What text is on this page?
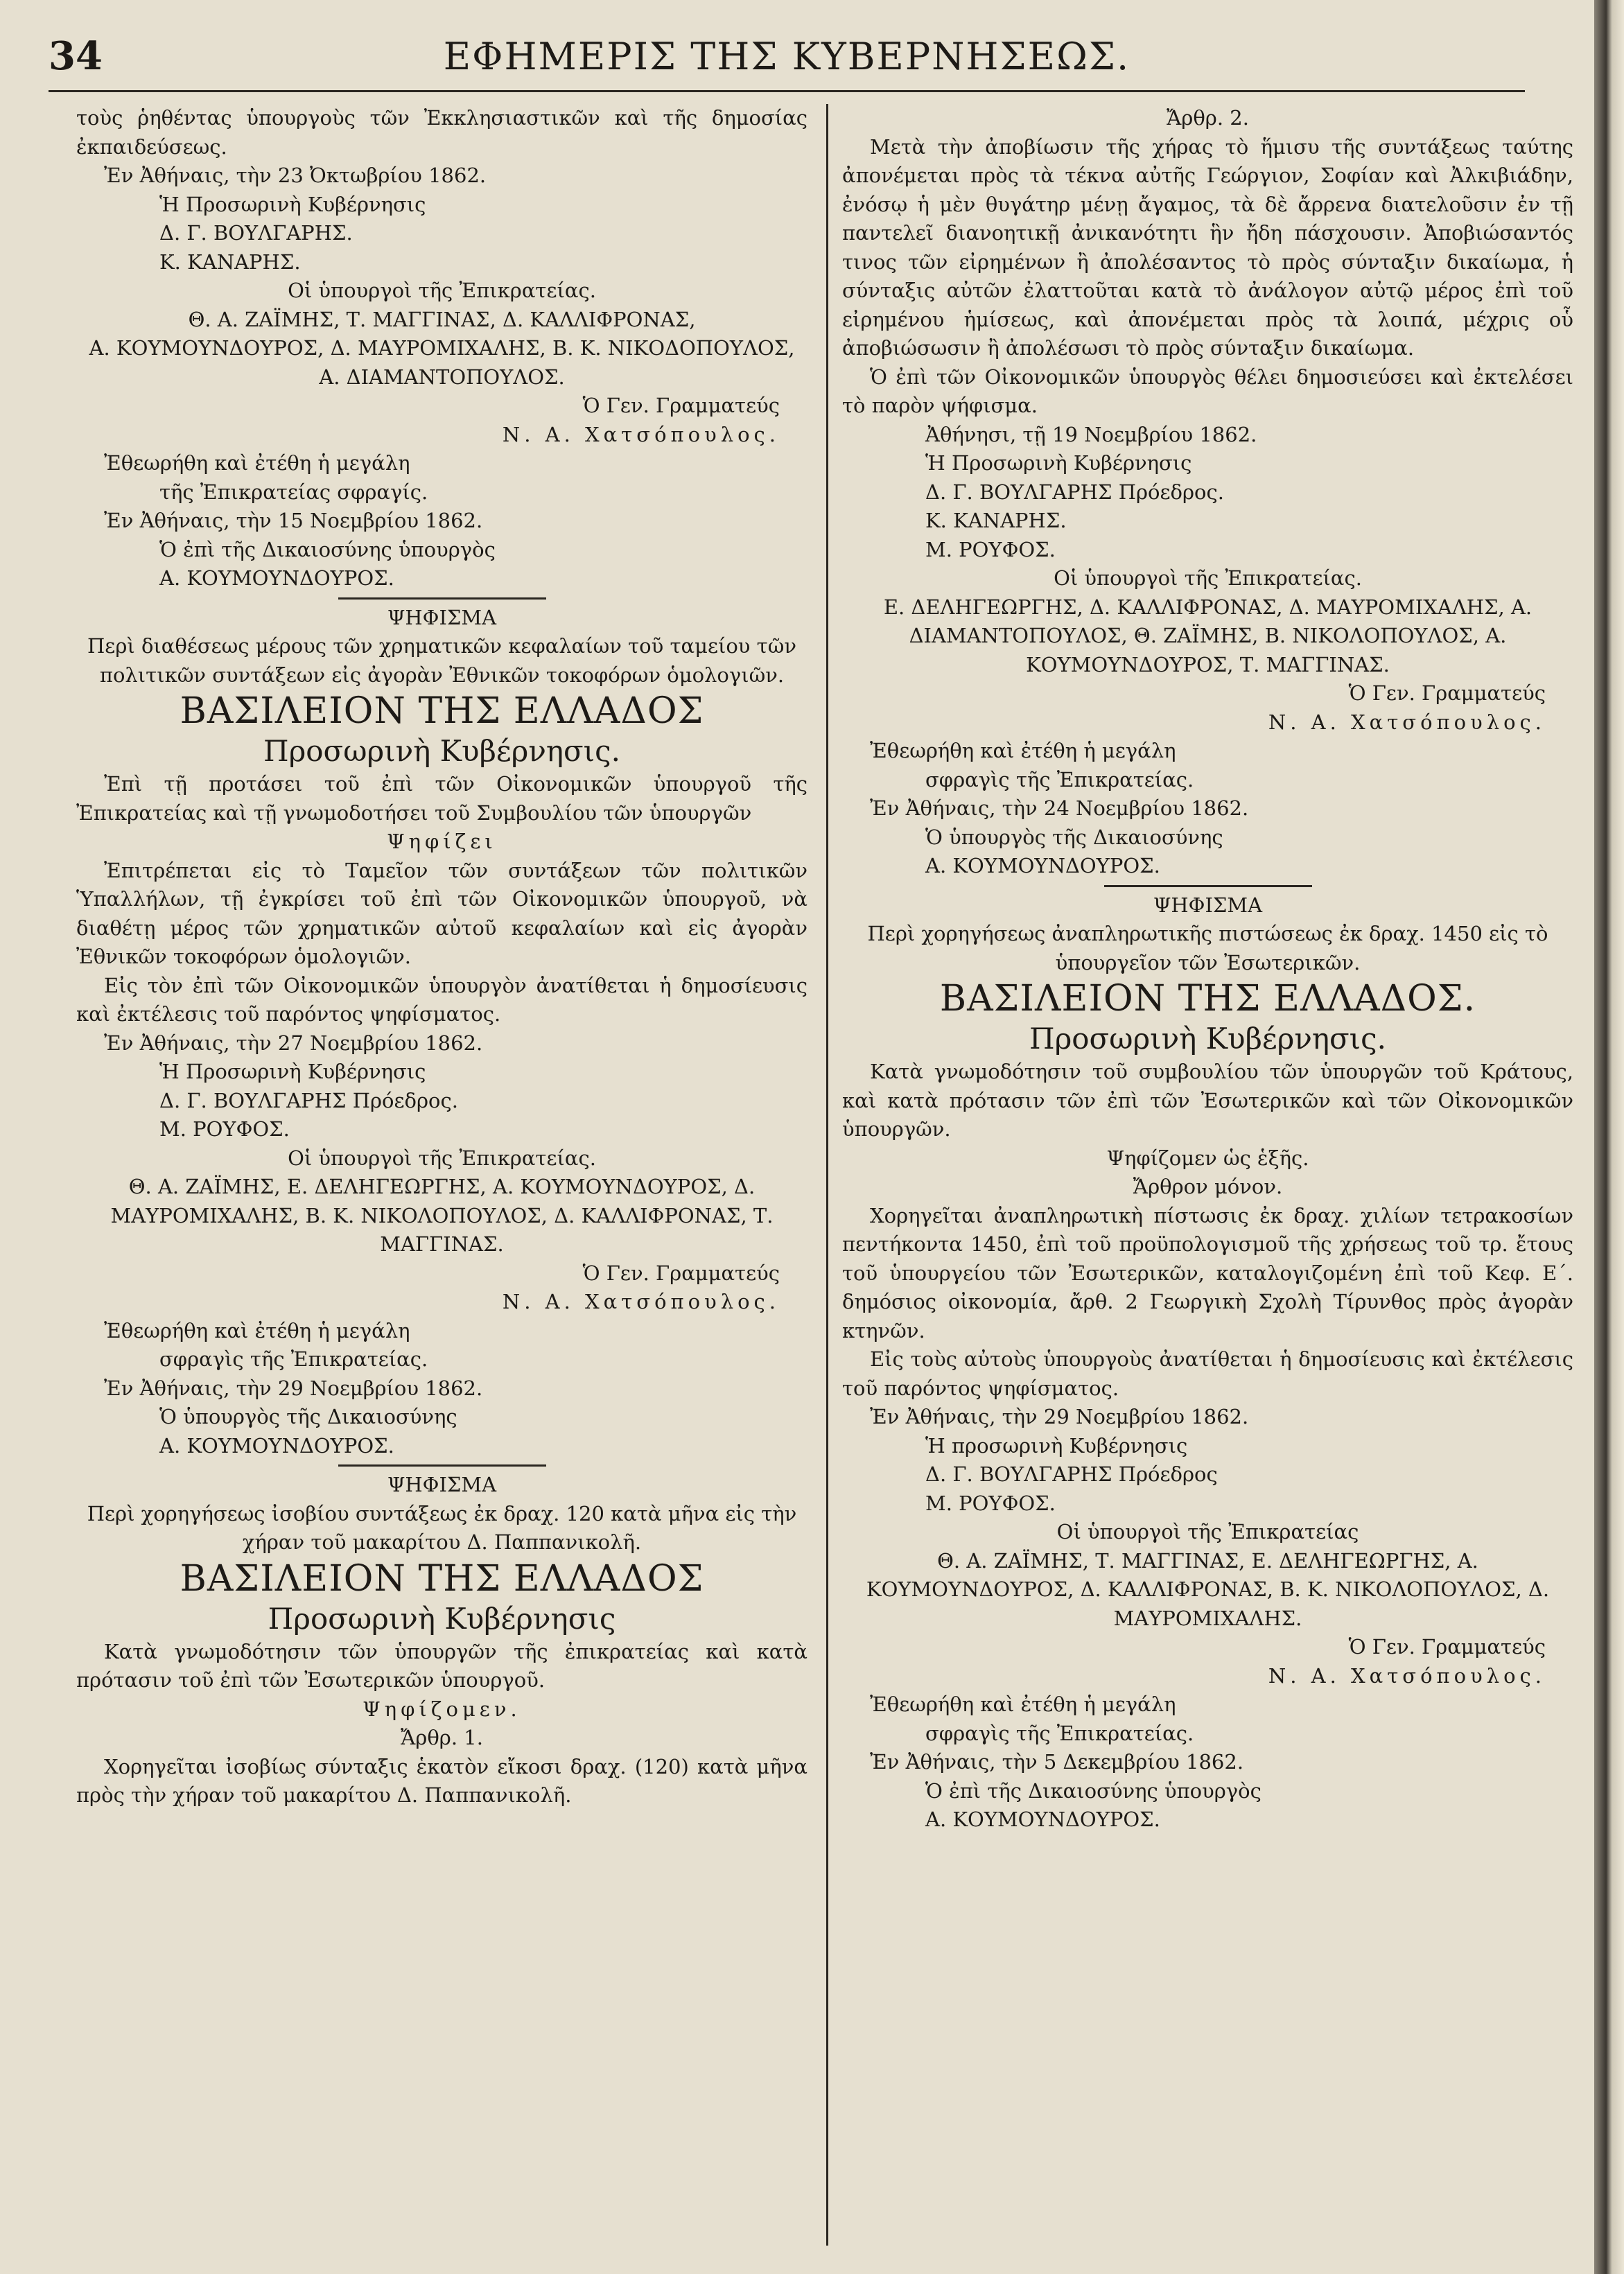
34	ΕΦΗΜΕΡΙΣ ΤΗΣ ΚΥΒΕΡΝΗΣΕΩΣ.

τοὺς ῥηθέντας ὑπουργοὺς τῶν Ἐκκλησιαστικῶν καὶ τῆς δημοσίας ἐκπαιδεύσεως.

Ἐν Ἀθήναις, τὴν 23 Ὀκτωβρίου 1862.

Ἡ Προσωρινὴ Κυβέρνησις

Δ. Γ. ΒΟΥΛΓΑΡΗΣ.

Κ. ΚΑΝΑΡΗΣ.

Οἱ ὑπουργοὶ τῆς Ἐπικρατείας.

Θ. Α. ΖΑΪΜΗΣ, Τ. ΜΑΓΓΙΝΑΣ, Δ. ΚΑΛΛΙΦΡΟΝΑΣ,

Α. ΚΟΥΜΟΥΝΔΟΥΡΟΣ, Δ. ΜΑΥΡΟΜΙΧΑΛΗΣ, Β. Κ. ΝΙΚΟΔΟΠΟΥΛΟΣ, Α. ΔΙΑΜΑΝΤΟΠΟΥΛΟΣ.

Ὁ Γεν. Γραμματεύς

Ν. Α. Χατσόπουλος.

Ἐθεωρήθη καὶ ἐτέθη ἡ μεγάλη

τῆς Ἐπικρατείας σφραγίς.

Ἐν Ἀθήναις, τὴν 15 Νοεμβρίου 1862.

Ὁ ἐπὶ τῆς Δικαιοσύνης ὑπουργὸς

Α. ΚΟΥΜΟΥΝΔΟΥΡΟΣ.

ΨΗΦΙΣΜΑ

Περὶ διαθέσεως μέρους τῶν χρηματικῶν κεφαλαίων τοῦ ταμείου τῶν πολιτικῶν συντάξεων εἰς ἀγορὰν Ἐθνικῶν τοκοφόρων ὁμολογιῶν.

ΒΑΣΙΛΕΙΟΝ ΤΗΣ ΕΛΛΑΔΟΣ

Προσωρινὴ Κυβέρνησις.

Ἐπὶ τῇ προτάσει τοῦ ἐπὶ τῶν Οἰκονομικῶν ὑπουργοῦ τῆς Ἐπικρατείας καὶ τῇ γνωμοδοτήσει τοῦ Συμβουλίου τῶν ὑπουργῶν

Ψηφίζει

Ἐπιτρέπεται εἰς τὸ Ταμεῖον τῶν συντάξεων τῶν πολιτικῶν Ὑπαλλήλων, τῇ ἐγκρίσει τοῦ ἐπὶ τῶν Οἰκονομικῶν ὑπουργοῦ, νὰ διαθέτῃ μέρος τῶν χρηματικῶν αὐτοῦ κεφαλαίων καὶ εἰς ἀγορὰν Ἐθνικῶν τοκοφόρων ὁμολογιῶν.

Εἰς τὸν ἐπὶ τῶν Οἰκονομικῶν ὑπουργὸν ἀνατίθεται ἡ δημοσίευσις καὶ ἐκτέλεσις τοῦ παρόντος ψηφίσματος.

Ἐν Ἀθήναις, τὴν 27 Νοεμβρίου 1862.

Ἡ Προσωρινὴ Κυβέρνησις

Δ. Γ. ΒΟΥΛΓΑΡΗΣ Πρόεδρος.

Μ. ΡΟΥΦΟΣ.

Οἱ ὑπουργοὶ τῆς Ἐπικρατείας.

Θ. Α. ΖΑΪΜΗΣ, Ε. ΔΕΛΗΓΕΩΡΓΗΣ, Α. ΚΟΥΜΟΥΝΔΟΥΡΟΣ, Δ. ΜΑΥΡΟΜΙΧΑΛΗΣ, Β. Κ. ΝΙΚΟΛΟΠΟΥΛΟΣ, Δ. ΚΑΛΛΙΦΡΟΝΑΣ, Τ. ΜΑΓΓΙΝΑΣ.

Ὁ Γεν. Γραμματεύς

Ν. Α. Χατσόπουλος.

Ἐθεωρήθη καὶ ἐτέθη ἡ μεγάλη

σφραγὶς τῆς Ἐπικρατείας.

Ἐν Ἀθήναις, τὴν 29 Νοεμβρίου 1862.

Ὁ ὑπουργὸς τῆς Δικαιοσύνης

Α. ΚΟΥΜΟΥΝΔΟΥΡΟΣ.

ΨΗΦΙΣΜΑ

Περὶ χορηγήσεως ἰσοβίου συντάξεως ἐκ δραχ. 120 κατὰ μῆνα εἰς τὴν χήραν τοῦ μακαρίτου Δ. Παππανικολῆ.

ΒΑΣΙΛΕΙΟΝ ΤΗΣ ΕΛΛΑΔΟΣ

Προσωρινὴ Κυβέρνησις

Κατὰ γνωμοδότησιν τῶν ὑπουργῶν τῆς ἐπικρατείας καὶ κατὰ πρότασιν τοῦ ἐπὶ τῶν Ἐσωτερικῶν ὑπουργοῦ.

Ψηφίζομεν.

Ἄρθρ. 1.

Χορηγεῖται ἰσοβίως σύνταξις ἑκατὸν εἴκοσι δραχ. (120) κατὰ μῆνα πρὸς τὴν χήραν τοῦ μακαρίτου Δ. Παππανικολῆ.

Ἄρθρ. 2.

Μετὰ τὴν ἀποβίωσιν τῆς χήρας τὸ ἥμισυ τῆς συντάξεως ταύτης ἀπονέμεται πρὸς τὰ τέκνα αὐτῆς Γεώργιον, Σοφίαν καὶ Ἀλκιβιάδην, ἐνόσῳ ἡ μὲν θυγάτηρ μένῃ ἄγαμος, τὰ δὲ ἄρρενα διατελοῦσιν ἐν τῇ παντελεῖ διανοητικῇ ἀνικανότητι ἣν ἤδη πάσχουσιν. Ἀποβιώσαντός τινος τῶν εἰρημένων ἢ ἀπολέσαντος τὸ πρὸς σύνταξιν δικαίωμα, ἡ σύνταξις αὐτῶν ἐλαττοῦται κατὰ τὸ ἀνάλογον αὐτῷ μέρος ἐπὶ τοῦ εἰρημένου ἡμίσεως, καὶ ἀπονέμεται πρὸς τὰ λοιπά, μέχρις οὗ ἀποβιώσωσιν ἢ ἀπολέσωσι τὸ πρὸς σύνταξιν δικαίωμα.

Ὁ ἐπὶ τῶν Οἰκονομικῶν ὑπουργὸς θέλει δημοσιεύσει καὶ ἐκτελέσει τὸ παρὸν ψήφισμα.

Ἀθήνησι, τῇ 19 Νοεμβρίου 1862.

Ἡ Προσωρινὴ Κυβέρνησις

Δ. Γ. ΒΟΥΛΓΑΡΗΣ Πρόεδρος.

Κ. ΚΑΝΑΡΗΣ.

Μ. ΡΟΥΦΟΣ.

Οἱ ὑπουργοὶ τῆς Ἐπικρατείας.

Ε. ΔΕΛΗΓΕΩΡΓΗΣ, Δ. ΚΑΛΛΙΦΡΟΝΑΣ, Δ. ΜΑΥΡΟΜΙΧΑΛΗΣ, Α. ΔΙΑΜΑΝΤΟΠΟΥΛΟΣ, Θ. ΖΑΪΜΗΣ, Β. ΝΙΚΟΛΟΠΟΥΛΟΣ, Α. ΚΟΥΜΟΥΝΔΟΥΡΟΣ, Τ. ΜΑΓΓΙΝΑΣ.

Ὁ Γεν. Γραμματεύς

Ν. Α. Χατσόπουλος.

Ἐθεωρήθη καὶ ἐτέθη ἡ μεγάλη

σφραγὶς τῆς Ἐπικρατείας.

Ἐν Ἀθήναις, τὴν 24 Νοεμβρίου 1862.

Ὁ ὑπουργὸς τῆς Δικαιοσύνης

Α. ΚΟΥΜΟΥΝΔΟΥΡΟΣ.

ΨΗΦΙΣΜΑ

Περὶ χορηγήσεως ἀναπληρωτικῆς πιστώσεως ἐκ δραχ. 1450 εἰς τὸ ὑπουργεῖον τῶν Ἐσωτερικῶν.

ΒΑΣΙΛΕΙΟΝ ΤΗΣ ΕΛΛΑΔΟΣ.

Προσωρινὴ Κυβέρνησις.

Κατὰ γνωμοδότησιν τοῦ συμβουλίου τῶν ὑπουργῶν τοῦ Κράτους, καὶ κατὰ πρότασιν τῶν ἐπὶ τῶν Ἐσωτερικῶν καὶ τῶν Οἰκονομικῶν ὑπουργῶν.

Ψηφίζομεν ὡς ἑξῆς.

Ἄρθρον μόνον.

Χορηγεῖται ἀναπληρωτικὴ πίστωσις ἐκ δραχ. χιλίων τετρακοσίων πεντήκοντα 1450, ἐπὶ τοῦ προϋπολογισμοῦ τῆς χρήσεως τοῦ τρ. ἔτους τοῦ ὑπουργείου τῶν Ἐσωτερικῶν, καταλογιζομένη ἐπὶ τοῦ Κεφ. Ε΄. δημόσιος οἰκονομία, ἄρθ. 2 Γεωργικὴ Σχολὴ Τίρυνθος πρὸς ἀγορὰν κτηνῶν.

Εἰς τοὺς αὐτοὺς ὑπουργοὺς ἀνατίθεται ἡ δημοσίευσις καὶ ἐκτέλεσις τοῦ παρόντος ψηφίσματος.

Ἐν Ἀθήναις, τὴν 29 Νοεμβρίου 1862.

Ἡ προσωρινὴ Κυβέρνησις

Δ. Γ. ΒΟΥΛΓΑΡΗΣ Πρόεδρος

Μ. ΡΟΥΦΟΣ.

Οἱ ὑπουργοὶ τῆς Ἐπικρατείας

Θ. Α. ΖΑΪΜΗΣ, Τ. ΜΑΓΓΙΝΑΣ, Ε. ΔΕΛΗΓΕΩΡΓΗΣ, Α. ΚΟΥΜΟΥΝΔΟΥΡΟΣ, Δ. ΚΑΛΛΙΦΡΟΝΑΣ, Β. Κ. ΝΙΚΟΛΟΠΟΥΛΟΣ, Δ. ΜΑΥΡΟΜΙΧΑΛΗΣ.

Ὁ Γεν. Γραμματεύς

Ν. Α. Χατσόπουλος.

Ἐθεωρήθη καὶ ἐτέθη ἡ μεγάλη

σφραγὶς τῆς Ἐπικρατείας.

Ἐν Ἀθήναις, τὴν 5 Δεκεμβρίου 1862.

Ὁ ἐπὶ τῆς Δικαιοσύνης ὑπουργὸς

Α. ΚΟΥΜΟΥΝΔΟΥΡΟΣ.
